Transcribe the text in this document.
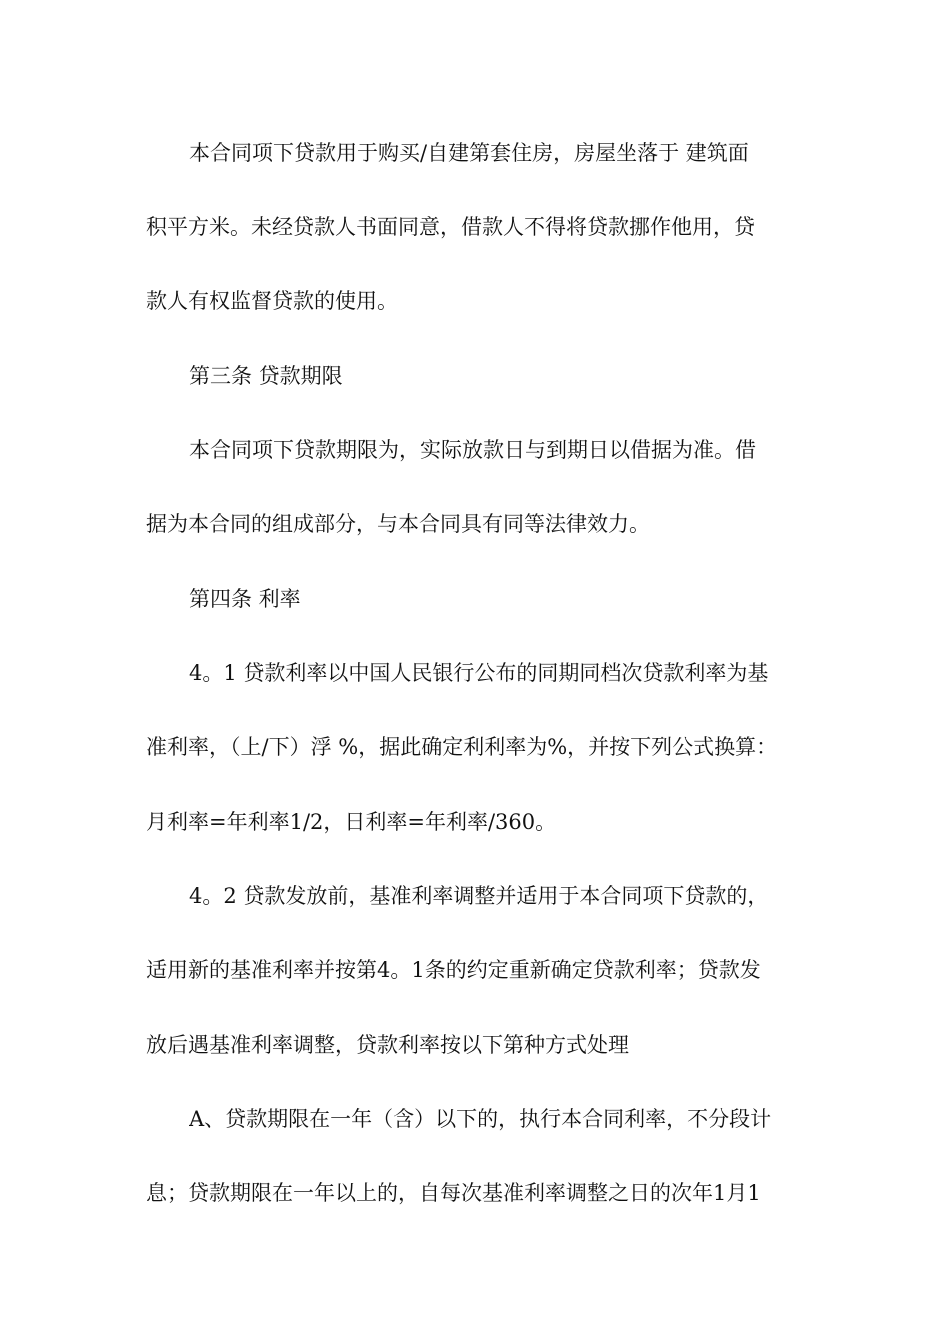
本合同项下贷款用于购买/自建第套住房，房屋坐落于 建筑面
积平方米。未经贷款人书面同意，借款人不得将贷款挪作他用，贷
款人有权监督贷款的使用。
第三条 贷款期限
本合同项下贷款期限为，实际放款日与到期日以借据为准。借
据为本合同的组成部分，与本合同具有同等法律效力。
第四条 利率
4。1 贷款利率以中国人民银行公布的同期同档次贷款利率为基
准利率，（上/下）浮 %，据此确定利利率为%，并按下列公式换算：
月利率=年利率1/2，日利率=年利率/360。
4。2 贷款发放前，基准利率调整并适用于本合同项下贷款的，
适用新的基准利率并按第4。1条的约定重新确定贷款利率；贷款发
放后遇基准利率调整，贷款利率按以下第种方式处理
A、贷款期限在一年（含）以下的，执行本合同利率，不分段计
息；贷款期限在一年以上的，自每次基准利率调整之日的次年1月1
